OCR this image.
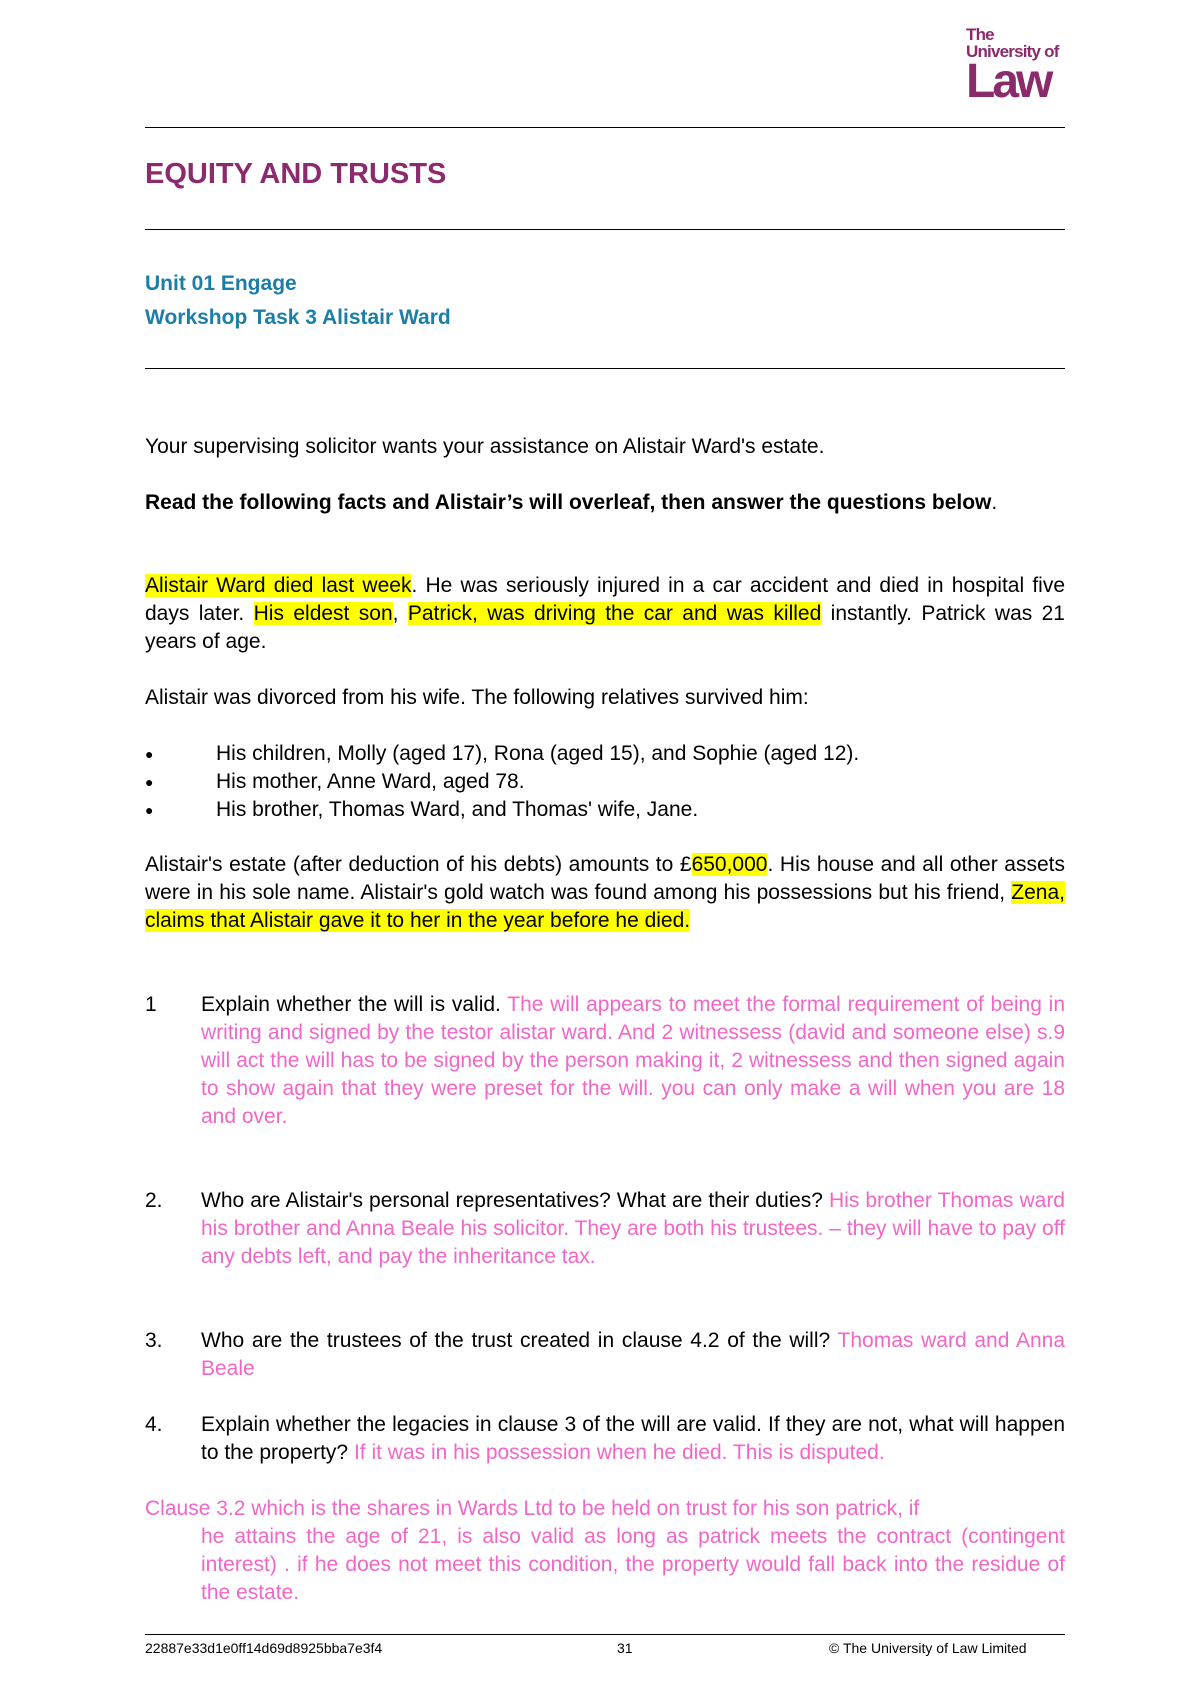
The
University of
Law
EQUITY AND TRUSTS
Unit 01 Engage
Workshop Task 3 Alistair Ward
Your supervising solicitor wants your assistance on Alistair Ward's estate.
Read the following facts and Alistair’s will overleaf, then answer the questions below.
Alistair Ward died last week. He was seriously injured in a car accident and died in hospital five days later. His eldest son, Patrick, was driving the car and was killed instantly. Patrick was 21 years of age.
Alistair was divorced from his wife. The following relatives survived him:
● His children, Molly (aged 17), Rona (aged 15), and Sophie (aged 12).
● His mother, Anne Ward, aged 78.
● His brother, Thomas Ward, and Thomas' wife, Jane.
Alistair's estate (after deduction of his debts) amounts to £650,000. His house and all other assets were in his sole name. Alistair's gold watch was found among his possessions but his friend, Zena, claims that Alistair gave it to her in the year before he died.
1 Explain whether the will is valid. The will appears to meet the formal requirement of being in writing and signed by the testor alistar ward. And 2 witnessess (david and someone else) s.9 will act the will has to be signed by the person making it, 2 witnessess and then signed again to show again that they were preset for the will. you can only make a will when you are 18 and over.
2. Who are Alistair's personal representatives? What are their duties? His brother Thomas ward his brother and Anna Beale his solicitor. They are both his trustees. – they will have to pay off any debts left, and pay the inheritance tax.
3. Who are the trustees of the trust created in clause 4.2 of the will? Thomas ward and Anna Beale
4. Explain whether the legacies in clause 3 of the will are valid. If they are not, what will happen to the property? If it was in his possession when he died. This is disputed.
Clause 3.2 which is the shares in Wards Ltd to be held on trust for his son patrick, if
he attains the age of 21, is also valid as long as patrick meets the contract (contingent interest) . if he does not meet this condition, the property would fall back into the residue of the estate.
22887e33d1e0ff14d69d8925bba7e3f4	31	© The University of Law Limited
